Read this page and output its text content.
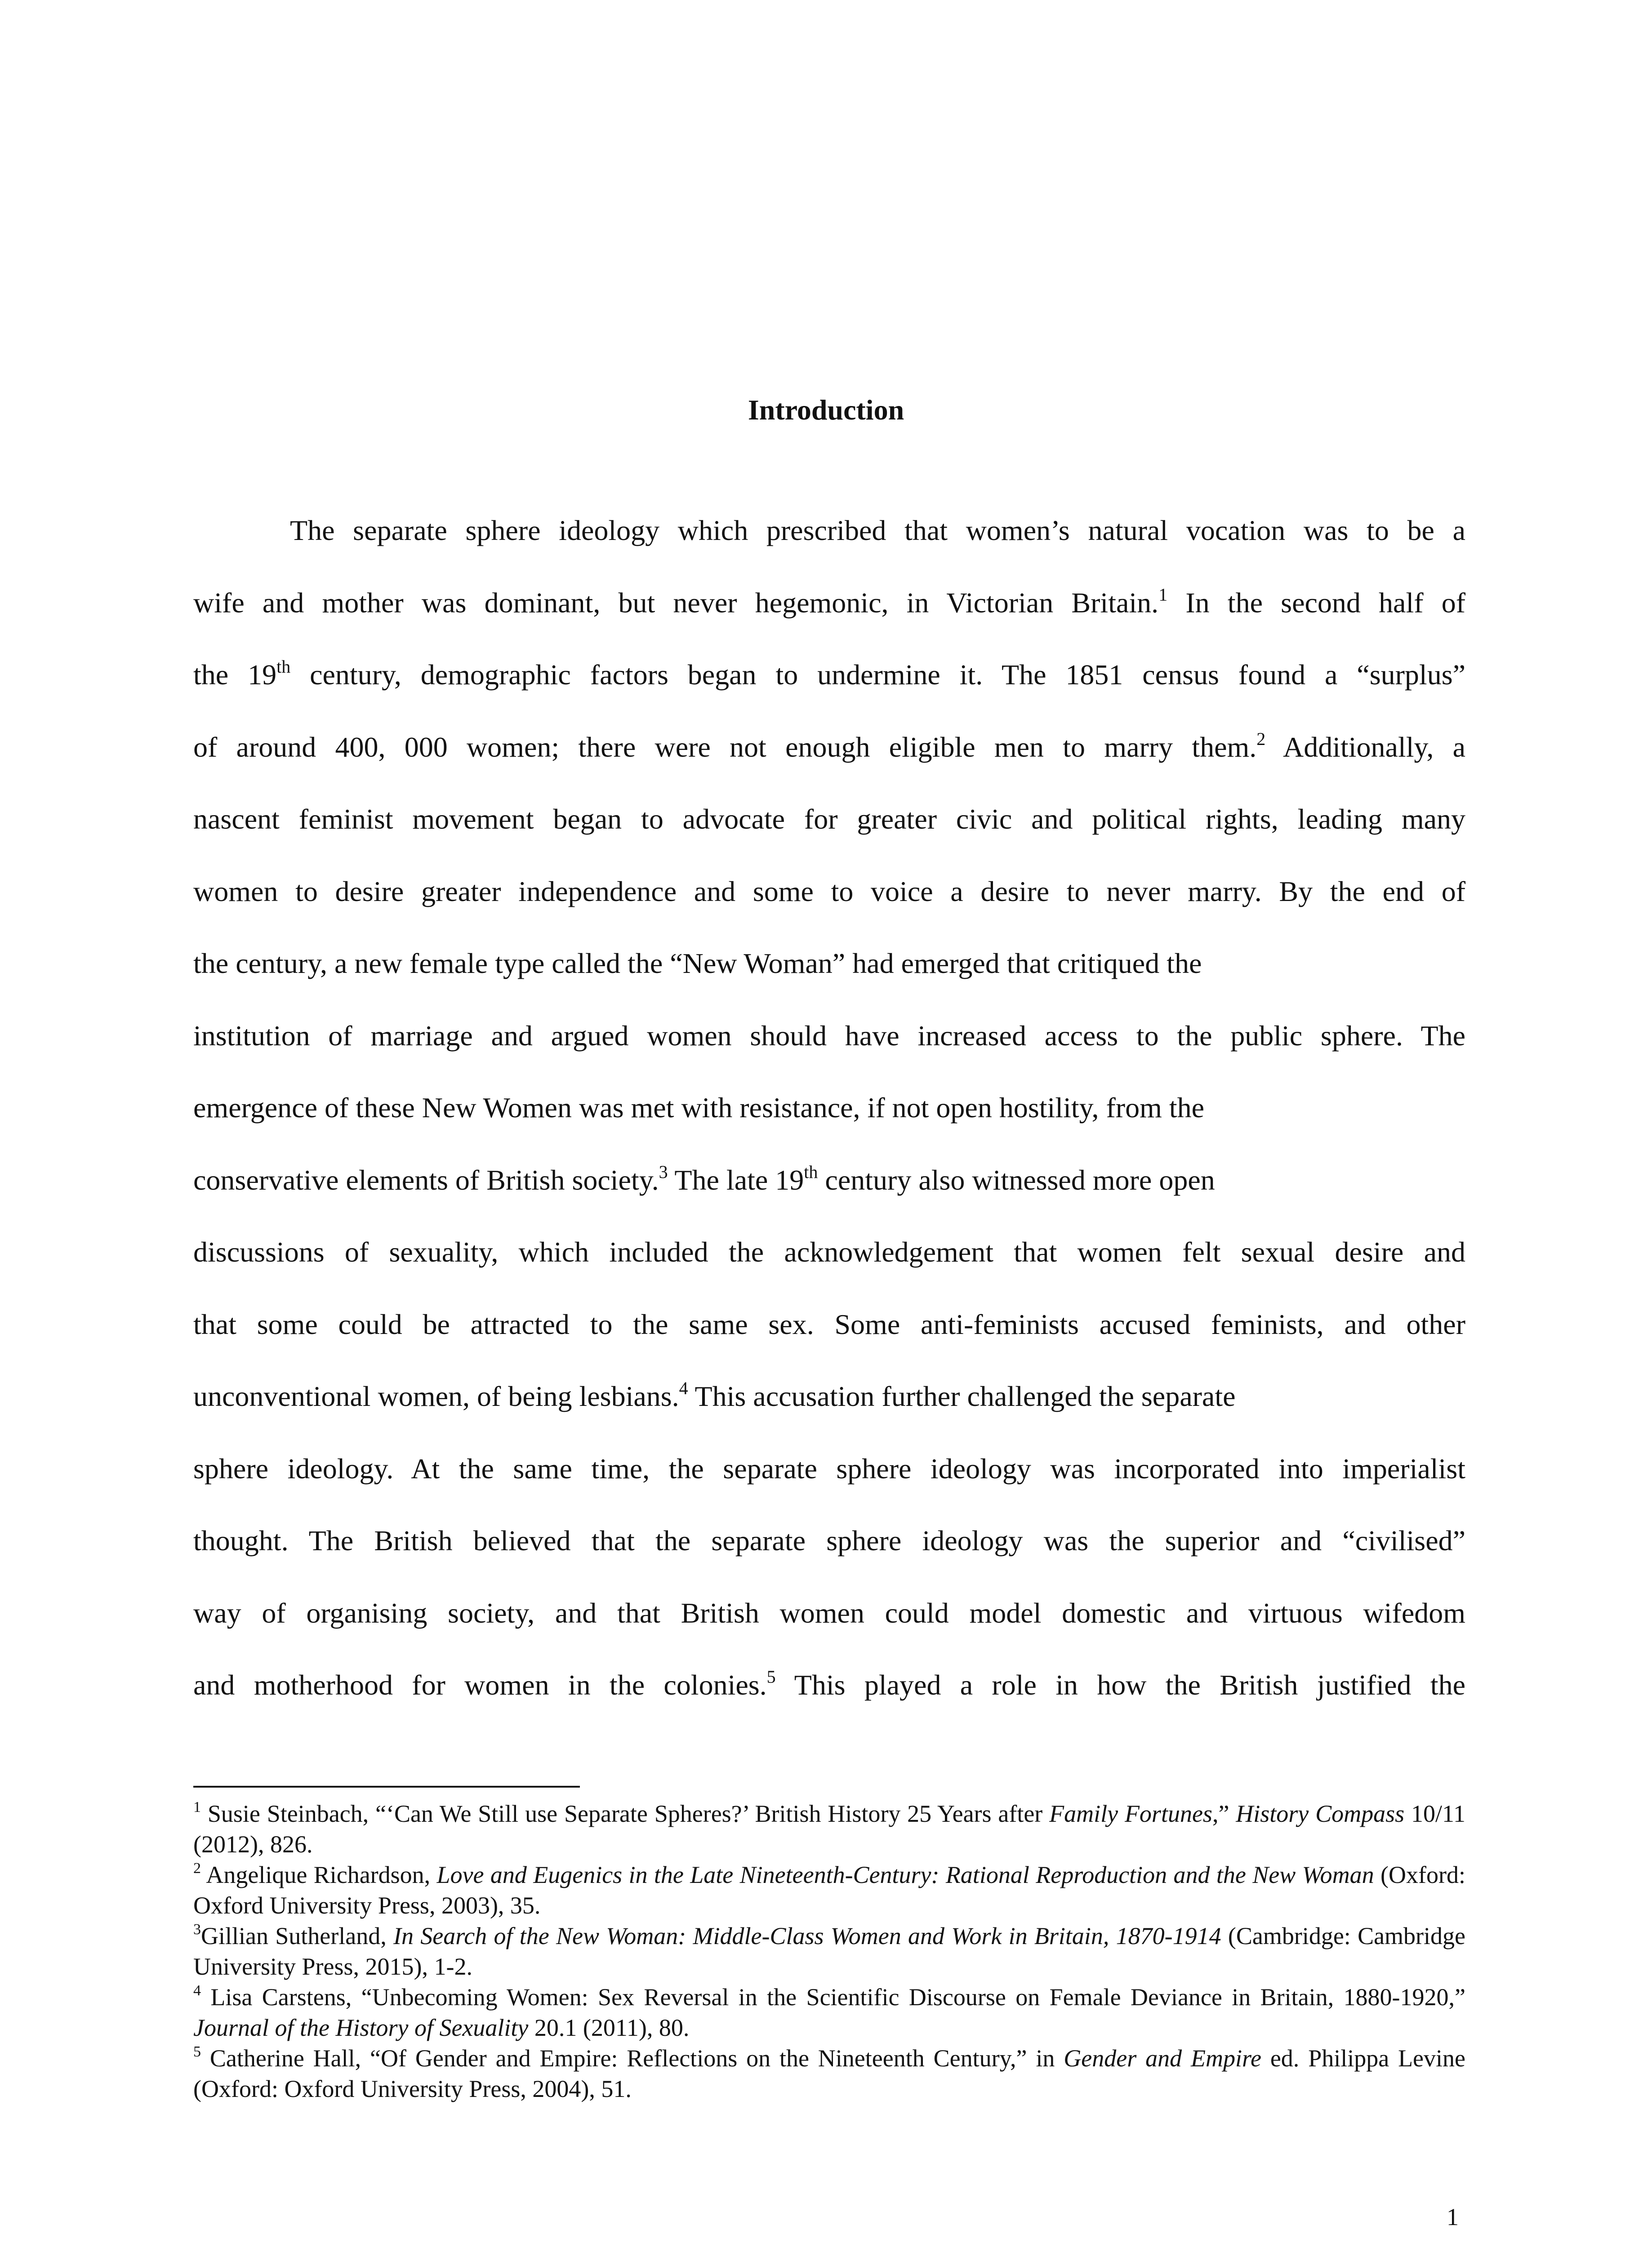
Introduction
The separate sphere ideology which prescribed that women’s natural vocation was to be a
wife and mother was dominant, but never hegemonic, in Victorian Britain.$^1$ In the second half of
the 19th century, demographic factors began to undermine it. The 1851 census found a “surplus”
of around 400, 000 women; there were not enough eligible men to marry them.$^2$ Additionally, a
nascent feminist movement began to advocate for greater civic and political rights, leading many
women to desire greater independence and some to voice a desire to never marry. By the end of
the century, a new female type called the “New Woman” had emerged that critiqued the
institution of marriage and argued women should have increased access to the public sphere. The
emergence of these New Women was met with resistance, if not open hostility, from the
conservative elements of British society.$^3$ The late 19th century also witnessed more open
discussions of sexuality, which included the acknowledgement that women felt sexual desire and
that some could be attracted to the same sex. Some anti-feminists accused feminists, and other
unconventional women, of being lesbians.$^4$ This accusation further challenged the separate
sphere ideology. At the same time, the separate sphere ideology was incorporated into imperialist
thought. The British believed that the separate sphere ideology was the superior and “civilised”
way of organising society, and that British women could model domestic and virtuous wifedom
and motherhood for women in the colonies.$^5$ This played a role in how the British justified the

$^1$ Susie Steinbach, “‘Can We Still use Separate Spheres?’ British History 25 Years after Family Fortunes,” History Compass 10/11 (2012), 826.

$^2$ Angelique Richardson, Love and Eugenics in the Late Nineteenth-Century: Rational Reproduction and the New Woman (Oxford: Oxford University Press, 2003), 35.

$^3$Gillian Sutherland, In Search of the New Woman: Middle-Class Women and Work in Britain, 1870-1914 (Cambridge: Cambridge University Press, 2015), 1-2.

$^4$ Lisa Carstens, “Unbecoming Women: Sex Reversal in the Scientific Discourse on Female Deviance in Britain, 1880-1920,” Journal of the History of Sexuality 20.1 (2011), 80.

$^5$ Catherine Hall, “Of Gender and Empire: Reflections on the Nineteenth Century,” in Gender and Empire ed. Philippa Levine (Oxford: Oxford University Press, 2004), 51.

1
